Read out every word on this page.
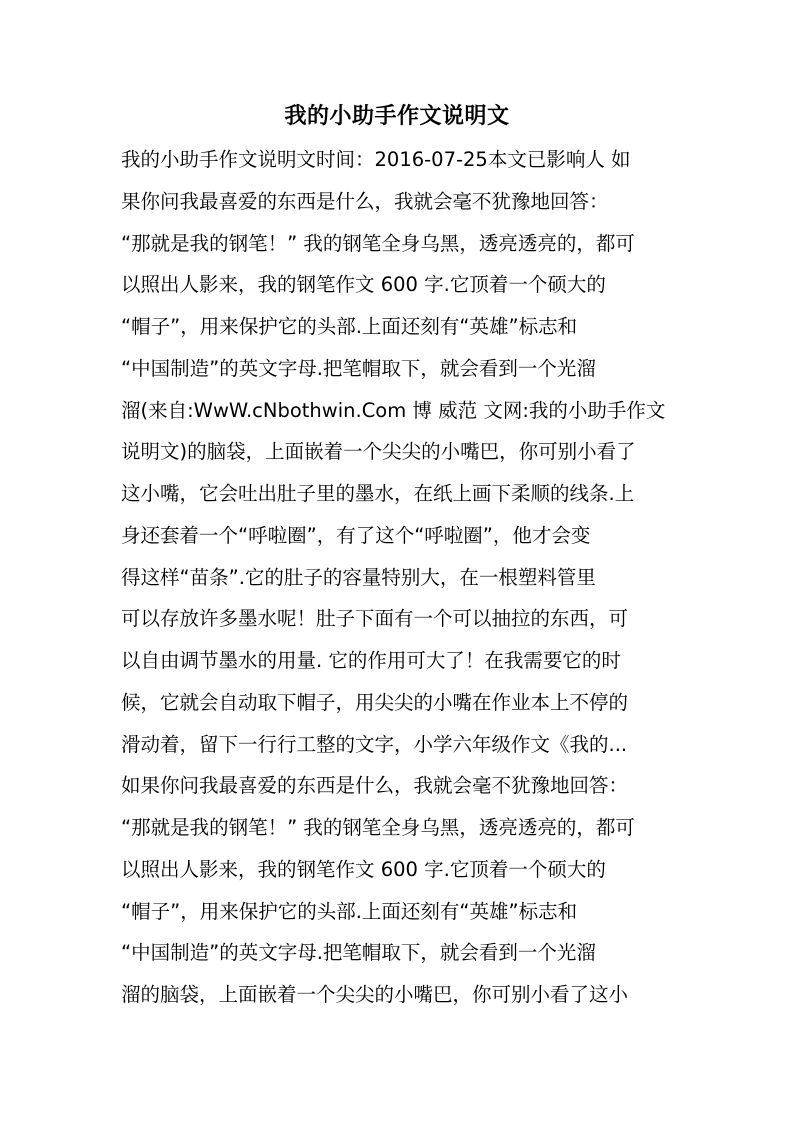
我的小助手作文说明文
我的小助手作文说明文时间：2016-07-25本文已影响人 如
果你问我最喜爱的东西是什么，我就会毫不犹豫地回答：
“那就是我的钢笔！” 我的钢笔全身乌黑，透亮透亮的，都可
以照出人影来，我的钢笔作文 600 字.它顶着一个硕大的
“帽子”，用来保护它的头部.上面还刻有“英雄”标志和
“中国制造”的英文字母.把笔帽取下，就会看到一个光溜
溜(来自:WwW.cNbothwin.Com 博 威范 文网:我的小助手作文
说明文)的脑袋，上面嵌着一个尖尖的小嘴巴，你可别小看了
这小嘴，它会吐出肚子里的墨水，在纸上画下柔顺的线条.上
身还套着一个“呼啦圈”，有了这个“呼啦圈”，他才会变
得这样“苗条”.它的肚子的容量特别大，在一根塑料管里
可以存放许多墨水呢！肚子下面有一个可以抽拉的东西，可
以自由调节墨水的用量. 它的作用可大了！在我需要它的时
候，它就会自动取下帽子，用尖尖的小嘴在作业本上不停的
滑动着，留下一行行工整的文字，小学六年级作文《我的...
如果你问我最喜爱的东西是什么，我就会毫不犹豫地回答：
“那就是我的钢笔！” 我的钢笔全身乌黑，透亮透亮的，都可
以照出人影来，我的钢笔作文 600 字.它顶着一个硕大的
“帽子”，用来保护它的头部.上面还刻有“英雄”标志和
“中国制造”的英文字母.把笔帽取下，就会看到一个光溜
溜的脑袋，上面嵌着一个尖尖的小嘴巴，你可别小看了这小
